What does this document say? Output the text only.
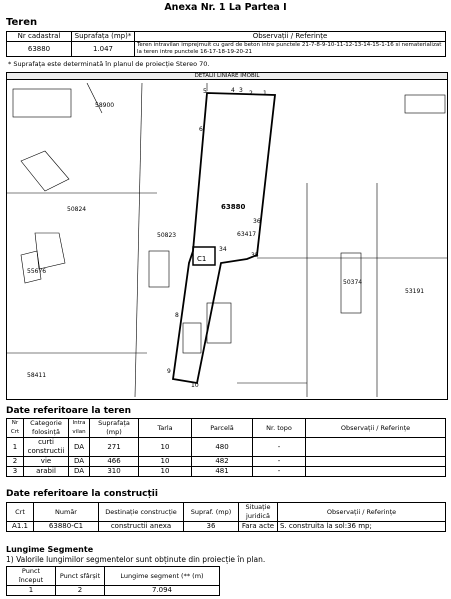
Anexa Nr. 1 La Partea I
Teren
Nr cadastral	Suprafața (mp)*	Observații / Referințe
63880	1.047	Teren intravilan imprejmuit cu gard de beton intre punctele 21-7-8-9-10-11-12-13-14-15-1-16 si nematerializat la teren intre punctele 16-17-18-19-20-21
* Suprafața este determinată în planul de proiecție Stereo 70.
DETALII LINIARE IMOBIL
58900
50824
55676
58411
50823
63880
63417
50374
53191
C1
1
2
3
4
5
6
8
9
10
34
35
36
Date referitoare la teren
Nr Crt	Categorie folosință	Intra vilan	Suprafața (mp)	Tarla	Parcelă	Nr. topo	Observații / Referințe
1	curti constructii	DA	271	10	480	-	
2	vie	DA	466	10	482	-	
3	arabil	DA	310	10	481	-	
Date referitoare la construcții
Crt	Număr	Destinație construcție	Supraf. (mp)	Situație juridică	Observații / Referințe
A1.1	63880-C1	constructii anexa	36	Fara acte	S. construita la sol:36 mp;
Lungime Segmente
1) Valorile lungimilor segmentelor sunt obținute din proiecție în plan.
Punct început	Punct sfârșit	Lungime segment (** (m)
1	2	7.094
